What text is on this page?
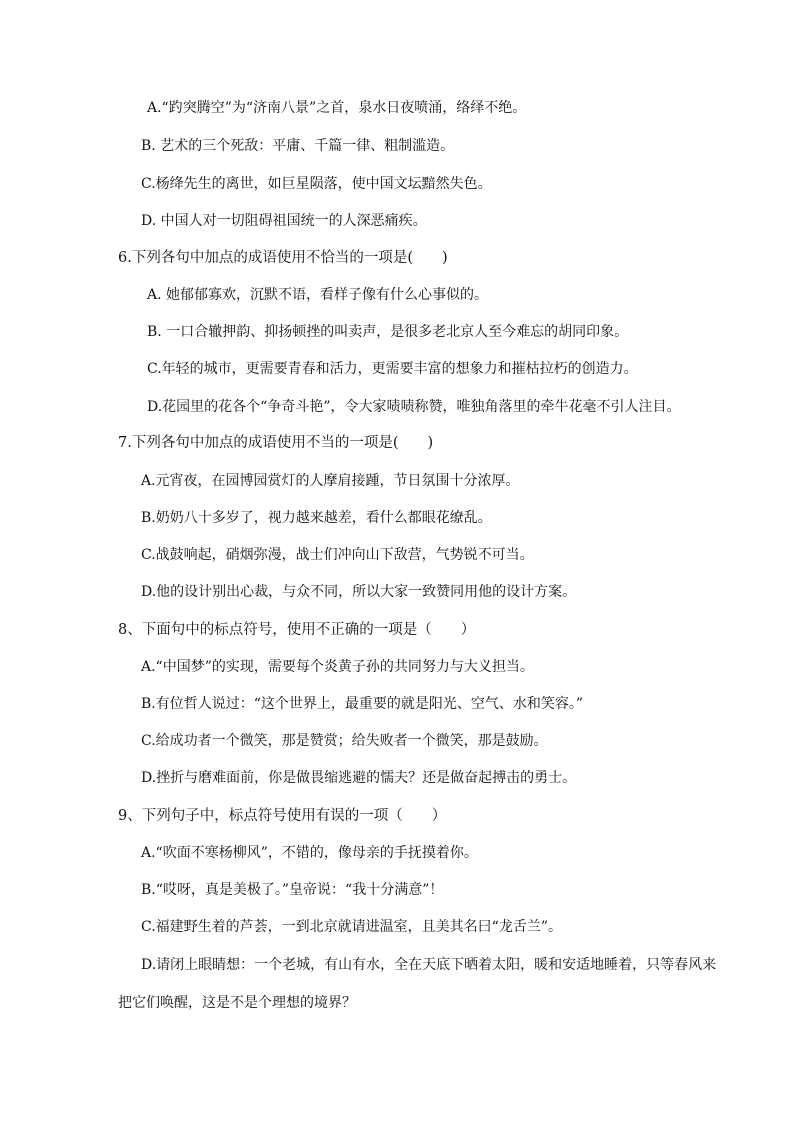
A.“趵突腾空”为“济南八景”之首，泉水日夜喷涌，络绎不绝。
B. 艺术的三个死敌：平庸、千篇一律、粗制滥造。
C.杨绛先生的离世，如巨星陨落，使中国文坛黯然失色。
D. 中国人对一切阻碍祖国统一的人深恶痛疾。
6.下列各句中加点的成语使用不恰当的一项是(　　)
A. 她郁郁寡欢，沉默不语，看样子像有什么心事似的。
B. 一口合辙押韵、抑扬顿挫的叫卖声，是很多老北京人至今难忘的胡同印象。
C.年轻的城市，更需要青春和活力，更需要丰富的想象力和摧枯拉朽的创造力。
D.花园里的花各个“争奇斗艳”，令大家啧啧称赞，唯独角落里的牵牛花毫不引人注目。
7.下列各句中加点的成语使用不当的一项是(　　)
A.元宵夜，在园博园赏灯的人摩肩接踵，节日氛围十分浓厚。
B.奶奶八十多岁了，视力越来越差，看什么都眼花缭乱。
C.战鼓响起，硝烟弥漫，战士们冲向山下敌营，气势锐不可当。
D.他的设计别出心裁，与众不同，所以大家一致赞同用他的设计方案。
8、下面句中的标点符号，使用不正确的一项是（　　）
A.“中国梦”的实现，需要每个炎黄子孙的共同努力与大义担当。
B.有位哲人说过：“这个世界上，最重要的就是阳光、空气、水和笑容。”
C.给成功者一个微笑，那是赞赏；给失败者一个微笑，那是鼓励。
D.挫折与磨难面前，你是做畏缩逃避的懦夫？还是做奋起搏击的勇士。
9、下列句子中，标点符号使用有误的一项（　　）
A.“吹面不寒杨柳风”，不错的，像母亲的手抚摸着你。
B.“哎呀，真是美极了。”皇帝说：“我十分满意”！
C.福建野生着的芦荟，一到北京就请进温室，且美其名曰“龙舌兰”。
D.请闭上眼睛想：一个老城，有山有水，全在天底下晒着太阳，暖和安适地睡着，只等春风来把它们唤醒，这是不是个理想的境界？
